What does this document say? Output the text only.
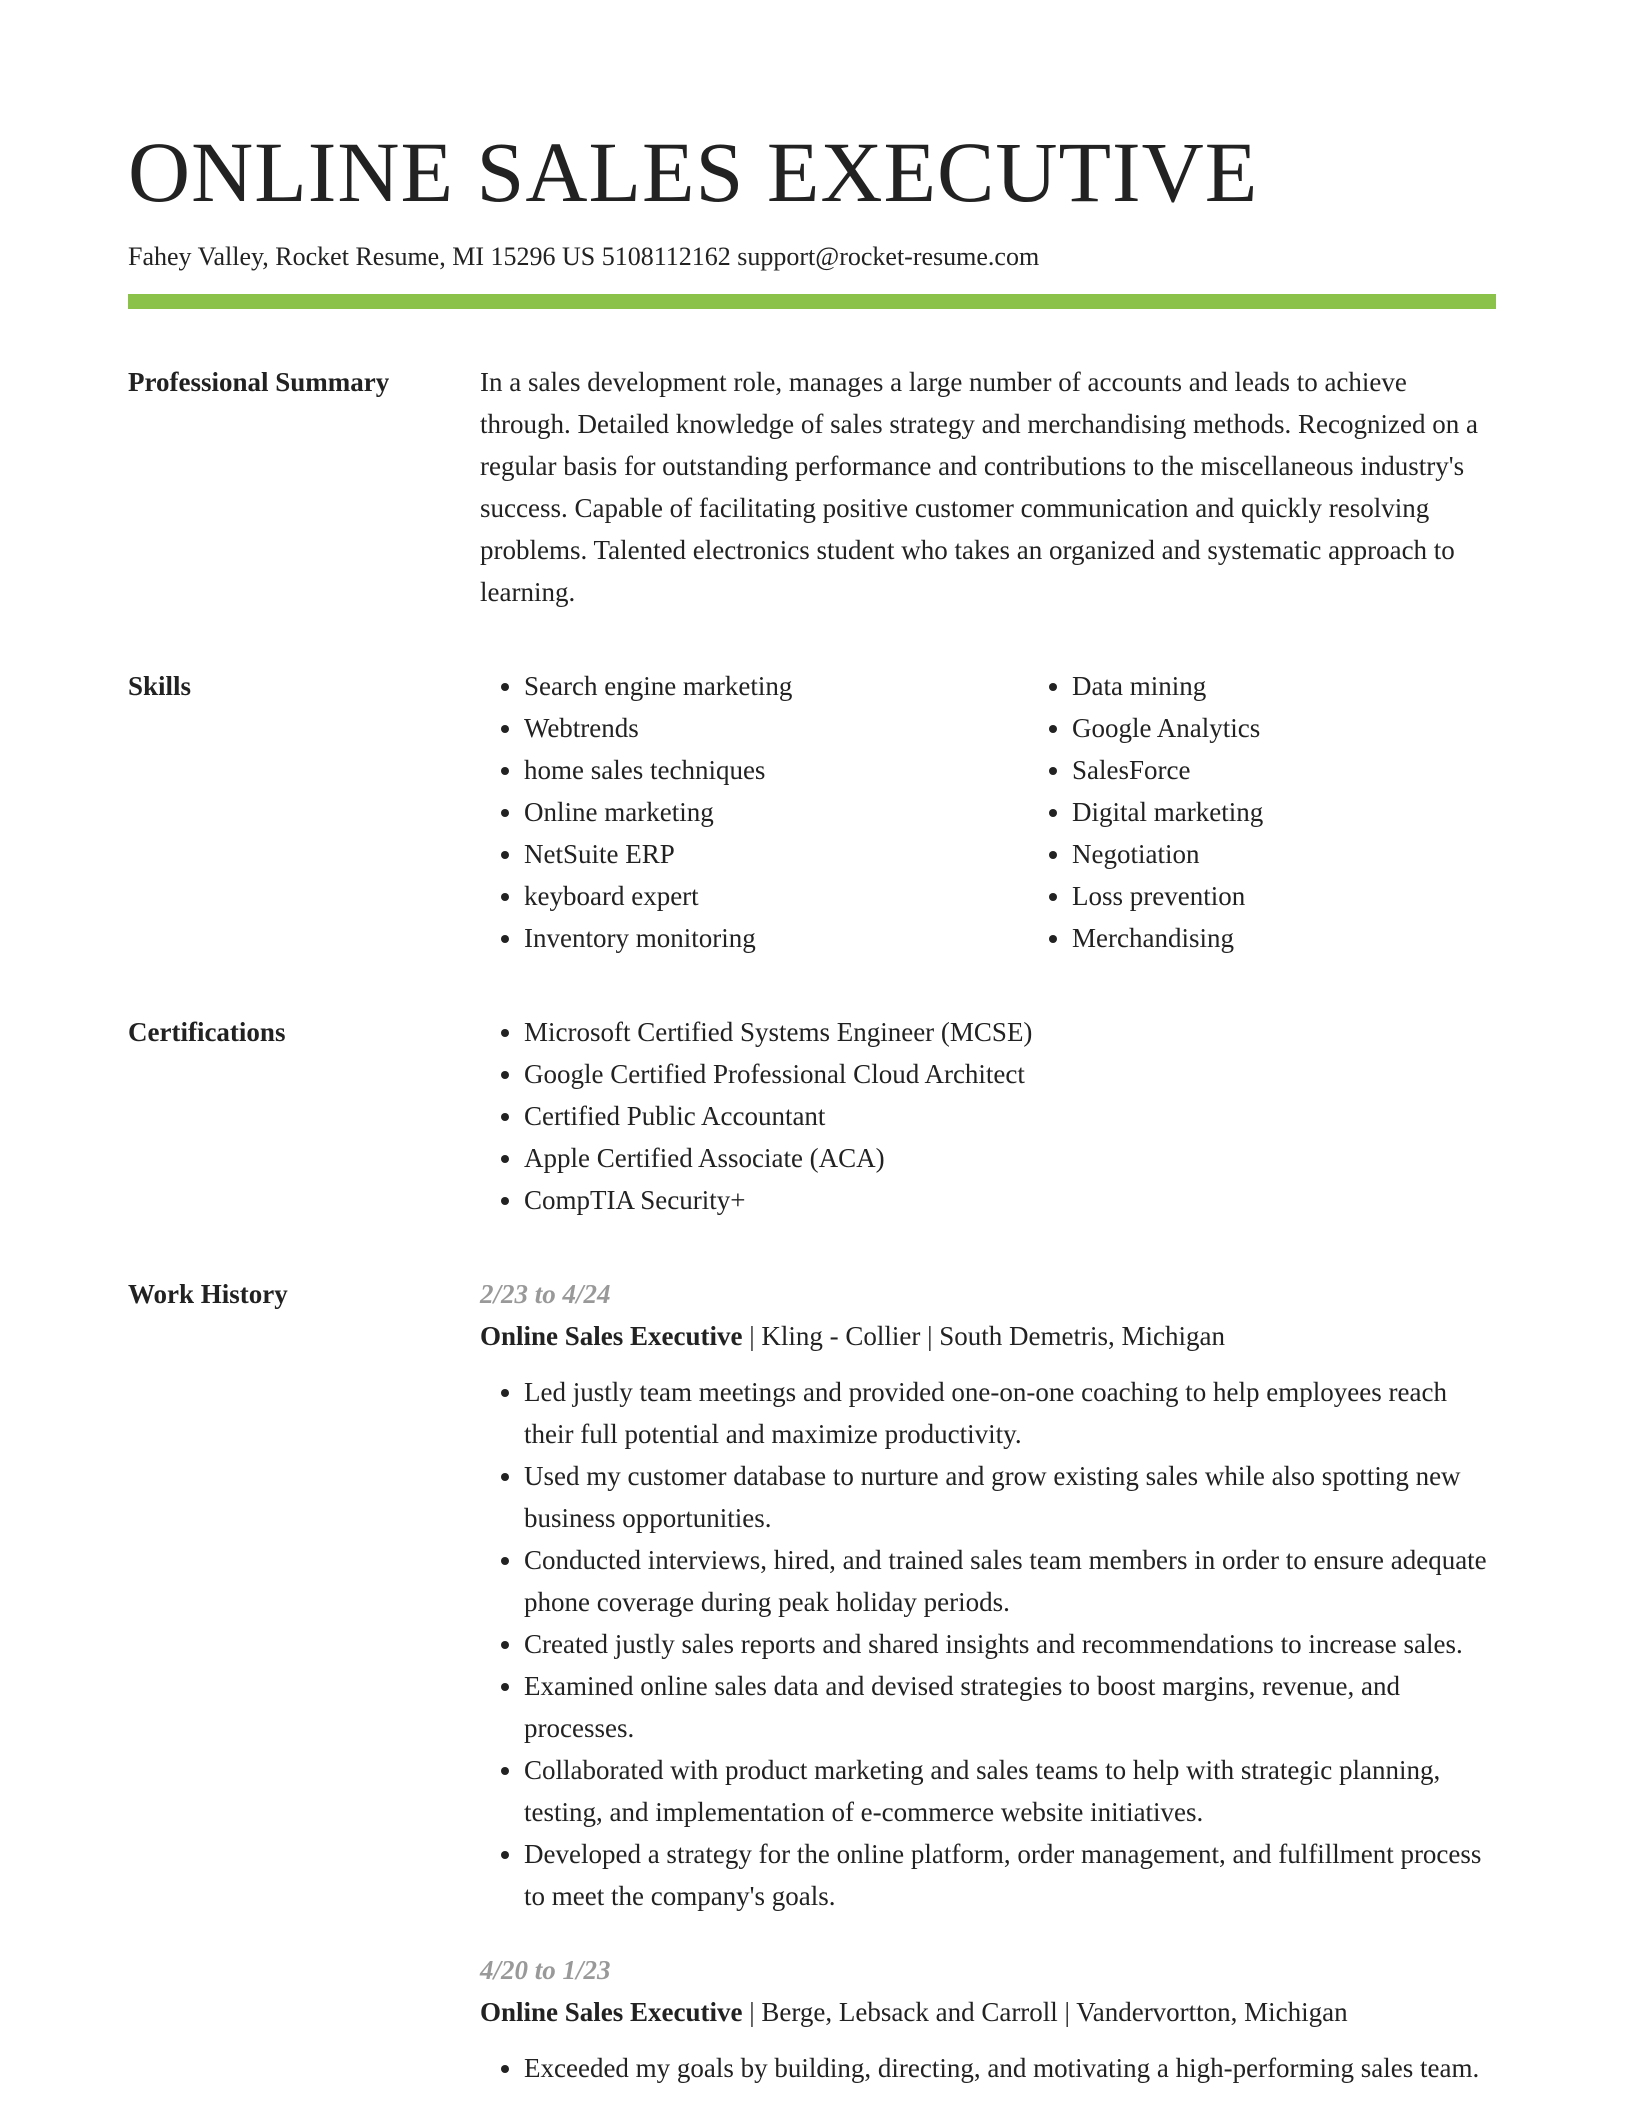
ONLINE SALES EXECUTIVE
Fahey Valley, Rocket Resume, MI 15296 US 5108112162 support@rocket-resume.com
Professional Summary	In a sales development role, manages a large number of accounts and leads to achieve through. Detailed knowledge of sales strategy and merchandising methods. Recognized on a regular basis for outstanding performance and contributions to the miscellaneous industry's success. Capable of facilitating positive customer communication and quickly resolving problems. Talented electronics student who takes an organized and systematic approach to learning.

Skills	• Search engine marketing
• Webtrends
• home sales techniques
• Online marketing
• NetSuite ERP
• keyboard expert
• Inventory monitoring
• Data mining
• Google Analytics
• SalesForce
• Digital marketing
• Negotiation
• Loss prevention
• Merchandising
Certifications	• Microsoft Certified Systems Engineer (MCSE)
• Google Certified Professional Cloud Architect
• Certified Public Accountant
• Apple Certified Associate (ACA)
• CompTIA Security+
Work History	2/23 to 4/24
Online Sales Executive | Kling - Collier | South Demetris, Michigan
• Led justly team meetings and provided one-on-one coaching to help employees reach their full potential and maximize productivity.
• Used my customer database to nurture and grow existing sales while also spotting new business opportunities.
• Conducted interviews, hired, and trained sales team members in order to ensure adequate phone coverage during peak holiday periods.
• Created justly sales reports and shared insights and recommendations to increase sales.
• Examined online sales data and devised strategies to boost margins, revenue, and processes.
• Collaborated with product marketing and sales teams to help with strategic planning, testing, and implementation of e-commerce website initiatives.
• Developed a strategy for the online platform, order management, and fulfillment process to meet the company's goals.
4/20 to 1/23
Online Sales Executive | Berge, Lebsack and Carroll | Vandervortton, Michigan
• Exceeded my goals by building, directing, and motivating a high-performing sales team.
